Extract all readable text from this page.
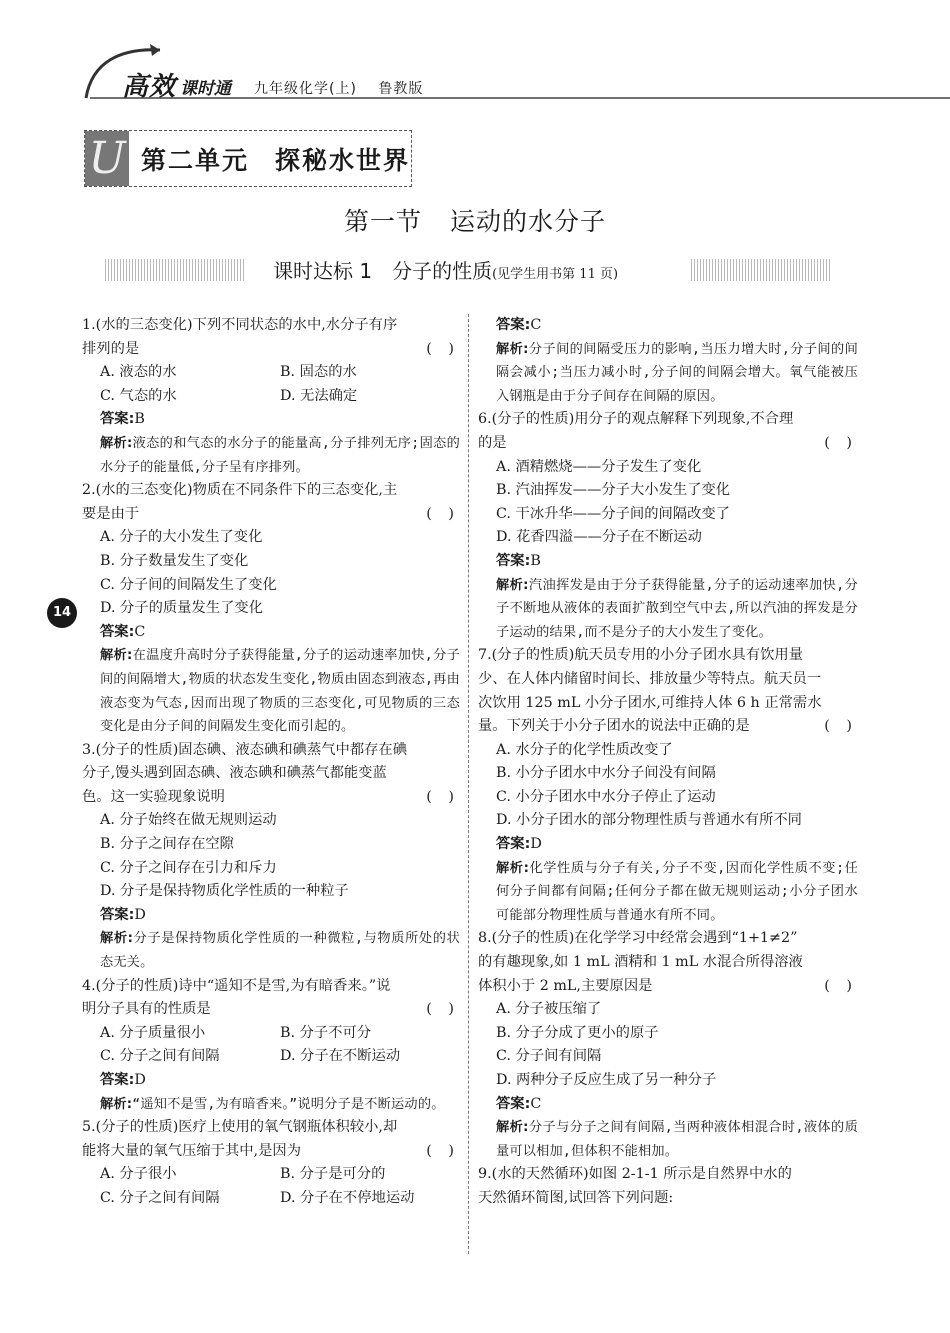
高效 课时通 九年级化学(上) 鲁教版
U 第二单元 探秘水世界
第一节 运动的水分子
课时达标 1 分子的性质(见学生用书第 11 页)
14
1.(水的三态变化)下列不同状态的水中,水分子有序
( )
排列的是
A. 液态的水	B. 固态的水
C. 气态的水	D. 无法确定
答案:B
解析:液态的和气态的水分子的能量高,分子排列无序;固态的水分子的能量低,分子呈有序排列。
2.(水的三态变化)物质在不同条件下的三态变化,主
( )
要是由于
A. 分子的大小发生了变化
B. 分子数量发生了变化
C. 分子间的间隔发生了变化
D. 分子的质量发生了变化
答案:C
解析:在温度升高时分子获得能量,分子的运动速率加快,分子间的间隔增大,物质的状态发生变化,物质由固态到液态,再由液态变为气态,因而出现了物质的三态变化,可见物质的三态变化是由分子间的间隔发生变化而引起的。
3.(分子的性质)固态碘、液态碘和碘蒸气中都存在碘
分子,馒头遇到固态碘、液态碘和碘蒸气都能变蓝
( )
色。这一实验现象说明
A. 分子始终在做无规则运动
B. 分子之间存在空隙
C. 分子之间存在引力和斥力
D. 分子是保持物质化学性质的一种粒子
答案:D
解析:分子是保持物质化学性质的一种微粒,与物质所处的状态无关。
4.(分子的性质)诗中“遥知不是雪,为有暗香来。”说
( )
明分子具有的性质是
A. 分子质量很小	B. 分子不可分
C. 分子之间有间隔	D. 分子在不断运动
答案:D
解析:“遥知不是雪,为有暗香来。”说明分子是不断运动的。
5.(分子的性质)医疗上使用的氧气钢瓶体积较小,却
( )
能将大量的氧气压缩于其中,是因为
A. 分子很小	B. 分子是可分的
C. 分子之间有间隔	D. 分子在不停地运动
答案:C
解析:分子间的间隔受压力的影响,当压力增大时,分子间的间隔会减小;当压力减小时,分子间的间隔会增大。氧气能被压入钢瓶是由于分子间存在间隔的原因。
6.(分子的性质)用分子的观点解释下列现象,不合理
( )
的是
A. 酒精燃烧——分子发生了变化
B. 汽油挥发——分子大小发生了变化
C. 干冰升华——分子间的间隔改变了
D. 花香四溢——分子在不断运动
答案:B
解析:汽油挥发是由于分子获得能量,分子的运动速率加快,分子不断地从液体的表面扩散到空气中去,所以汽油的挥发是分子运动的结果,而不是分子的大小发生了变化。
7.(分子的性质)航天员专用的小分子团水具有饮用量
少、在人体内储留时间长、排放量少等特点。航天员一
次饮用 125 mL 小分子团水,可维持人体 6 h 正常需水
( )
量。下列关于小分子团水的说法中正确的是
A. 水分子的化学性质改变了
B. 小分子团水中水分子间没有间隔
C. 小分子团水中水分子停止了运动
D. 小分子团水的部分物理性质与普通水有所不同
答案:D
解析:化学性质与分子有关,分子不变,因而化学性质不变;任何分子间都有间隔;任何分子都在做无规则运动;小分子团水可能部分物理性质与普通水有所不同。
8.(分子的性质)在化学学习中经常会遇到“1+1≠2”
的有趣现象,如 1 mL 酒精和 1 mL 水混合所得溶液
( )
体积小于 2 mL,主要原因是
A. 分子被压缩了
B. 分子分成了更小的原子
C. 分子间有间隔
D. 两种分子反应生成了另一种分子
答案:C
解析:分子与分子之间有间隔,当两种液体相混合时,液体的质量可以相加,但体积不能相加。
9.(水的天然循环)如图 2-1-1 所示是自然界中水的
天然循环简图,试回答下列问题:
